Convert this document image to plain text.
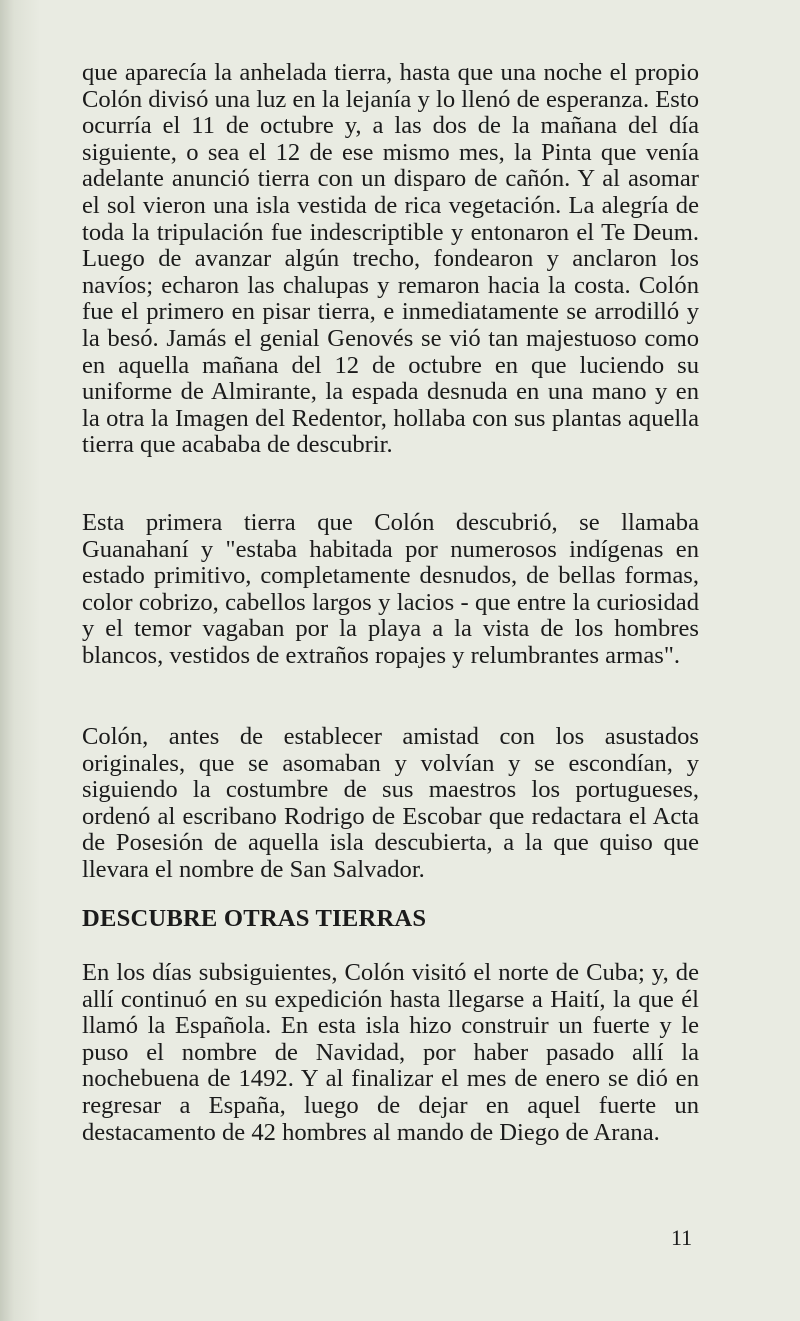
que aparecía la anhelada tierra, hasta que una noche el propio Colón divisó una luz en la lejanía y lo llenó de esperanza. Esto ocurría el 11 de octubre y, a las dos de la mañana del día siguiente, o sea el 12 de ese mismo mes, la Pinta que venía adelante anunció tierra con un disparo de cañón. Y al asomar el sol vieron una isla vestida de rica vegetación. La alegría de toda la tripulación fue indescriptible y entonaron el Te Deum. Luego de avanzar algún trecho, fondearon y anclaron los navíos; echaron las chalupas y remaron hacia la costa. Colón fue el primero en pisar tierra, e inmediatamente se arrodilló y la besó. Jamás el genial Genovés se vió tan majestuoso como en aquella mañana del 12 de octubre en que luciendo su uniforme de Almirante, la espada desnuda en una mano y en la otra la Imagen del Redentor, hollaba con sus plantas aquella tierra que acababa de descubrir.

Esta primera tierra que Colón descubrió, se llamaba Guanahaní y "estaba habitada por numerosos indígenas en estado primitivo, completamente desnudos, de bellas formas, color cobrizo, cabellos largos y lacios - que entre la curiosidad y el temor vagaban por la playa a la vista de los hombres blancos, vestidos de extraños ropajes y relumbrantes armas".

Colón, antes de establecer amistad con los asustados originales, que se asomaban y volvían y se escondían, y siguiendo la costumbre de sus maestros los portugueses, ordenó al escribano Rodrigo de Escobar que redactara el Acta de Posesión de aquella isla descubierta, a la que quiso que llevara el nombre de San Salvador.

DESCUBRE OTRAS TIERRAS

En los días subsiguientes, Colón visitó el norte de Cuba; y, de allí continuó en su expedición hasta llegarse a Haití, la que él llamó la Española. En esta isla hizo construir un fuerte y le puso el nombre de Navidad, por haber pasado allí la nochebuena de 1492. Y al finalizar el mes de enero se dió en regresar a España, luego de dejar en aquel fuerte un destacamento de 42 hombres al mando de Diego de Arana.

11
